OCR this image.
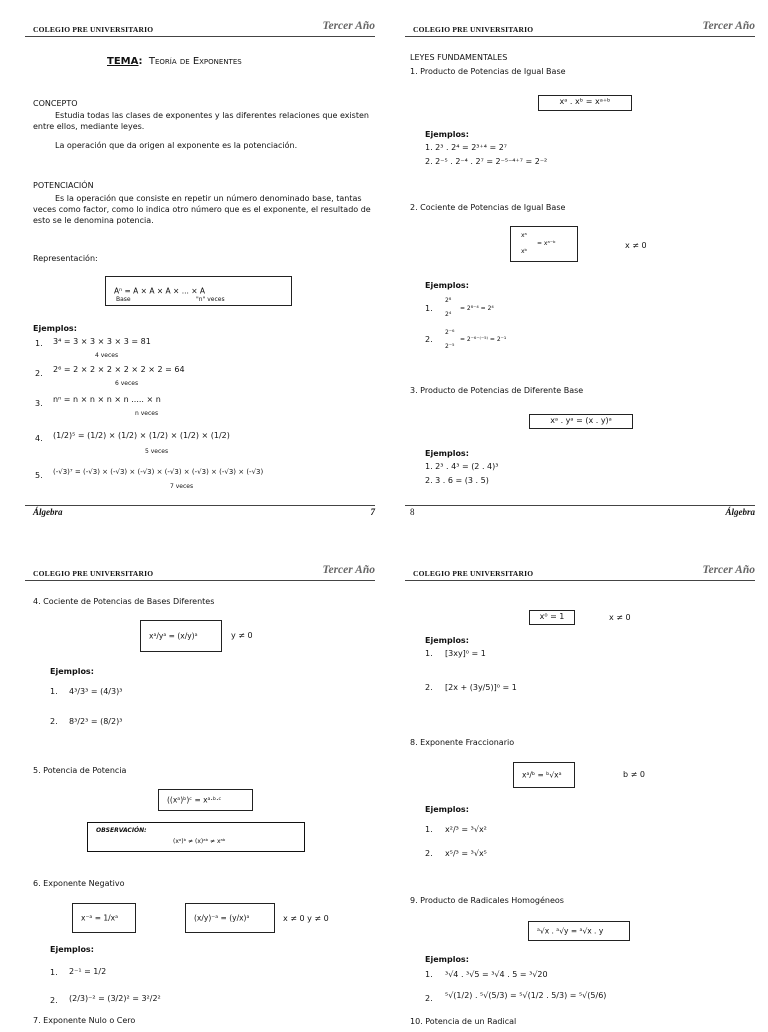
COLEGIO PRE UNIVERSITARIO	Tercer Año
TEMA: Teoría de Exponentes
CONCEPTO
Estudia todas las clases de exponentes y las diferentes relaciones que existen entre ellos, mediante leyes.
La operación que da origen al exponente es la potenciación.
POTENCIACIÓN
Es la operación que consiste en repetir un número denominado base, tantas veces como factor, como lo indica otro número que es el exponente, el resultado de esto se le denomina potencia.
Representación:
Aⁿ = A × A × A × ... × A
Base	"n" veces
Ejemplos:
1. 3⁴ = 3 × 3 × 3 × 3 = 81
4 veces
2. 2⁶ = 2 × 2 × 2 × 2 × 2 × 2 = 64
6 veces
3. nⁿ = n × n × n × n ..... × n
n veces
4. (1/2)⁵ = (1/2) × (1/2) × (1/2) × (1/2) × (1/2)
5 veces
5. (-√3)⁷ = (-√3) × (-√3) × (-√3) × (-√3) × (-√3) × (-√3) × (-√3)
7 veces
Álgebra	7
COLEGIO PRE UNIVERSITARIO	Tercer Año
LEYES FUNDAMENTALES
1. Producto de Potencias de Igual Base
xᵃ . xᵇ = xᵃ⁺ᵇ
Ejemplos:
1. 2³ . 2⁴ = 2³⁺⁴ = 2⁷
2. 2⁻⁵ . 2⁻⁴ . 2⁷ = 2⁻⁵⁻⁴⁺⁷ = 2⁻²
2. Cociente de Potencias de Igual Base
xᵃ
xᵇ
= xᵃ⁻ᵇ	x ≠ 0
Ejemplos:
1.
2⁸
2⁴
= 2⁸⁻⁴ = 2⁴
2.
2⁻⁶
2⁻⁵
= 2⁻⁶⁻⁽⁻⁵⁾ = 2⁻¹
3. Producto de Potencias de Diferente Base
xᵃ . yᵃ = (x . y)ᵃ
Ejemplos:
1. 2³ . 4³ = (2 . 4)³
2. 3 . 6 = (3 . 5)
8	Álgebra
COLEGIO PRE UNIVERSITARIO	Tercer Año
4. Cociente de Potencias de Bases Diferentes
xᵃ/yᵃ = (x/y)ᵃ	y ≠ 0
Ejemplos:
1. 4³/3³ = (4/3)³
2. 8³/2³ = (8/2)³
5. Potencia de Potencia
((xᵃ)ᵇ)ᶜ = xᵃ·ᵇ·ᶜ
OBSERVACIÓN:
(xᵃ)ᵇ ≠ (x)ᵃᵇ ≠ xᵃᵇ
6. Exponente Negativo
x⁻ᵃ = 1/xᵃ	(x/y)⁻ᵃ = (y/x)ᵃ	x ≠ 0 y ≠ 0
Ejemplos:
1. 2⁻¹ = 1/2
2. (2/3)⁻² = (3/2)² = 3²/2²
7. Exponente Nulo o Cero
COLEGIO PRE UNIVERSITARIO	Tercer Año
x⁰ = 1	x ≠ 0
Ejemplos:
1. [3xy]⁰ = 1
2. [2x + (3y/5)]⁰ = 1
8. Exponente Fraccionario
xᵃ/ᵇ = ᵇ√xᵃ	b ≠ 0
Ejemplos:
1. x²/³ = ³√x²
2. x⁵/³ = ³√x⁵
9. Producto de Radicales Homogéneos
ᵃ√x . ᵃ√y = ᵃ√x . y
Ejemplos:
1. ³√4 . ³√5 = ³√4 . 5 = ³√20
2. ⁵√(1/2) . ⁵√(5/3) = ⁵√(1/2 . 5/3) = ⁵√(5/6)
10. Potencia de un Radical
